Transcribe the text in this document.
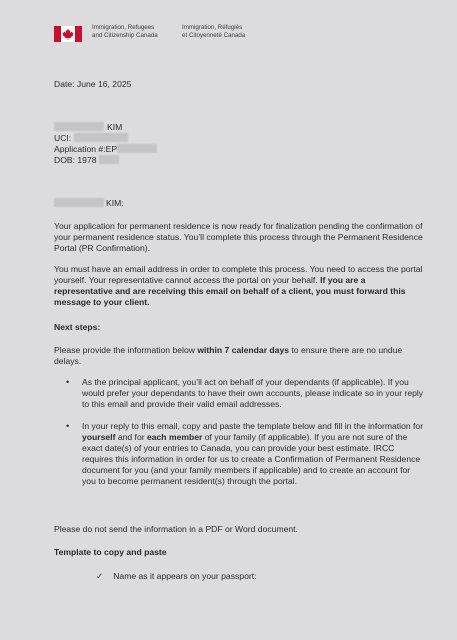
Immigration, Refugees
and Citizenship Canada
Immigration, Réfugiés
et Citoyenneté Canada

Date: June 16, 2025

KIM

UCI:

Application #:EP

DOB: 1978

KIM:

Your application for permanent residence is now ready for finalization pending the confirmation of your permanent residence status. You’ll complete this process through the Permanent Residence Portal (PR Confirmation).

You must have an email address in order to complete this process. You need to access the portal yourself. Your representative cannot access the portal on your behalf. If you are a representative and are receiving this email on behalf of a client, you must forward this message to your client.

Next steps:

Please provide the information below within 7 calendar days to ensure there are no undue delays.

• As the principal applicant, you’ll act on behalf of your dependants (if applicable). If you would prefer your dependants to have their own accounts, please indicate so in your reply to this email and provide their valid email addresses.
• In your reply to this email, copy and paste the template below and fill in the information for yourself and for each member of your family (if applicable). If you are not sure of the exact date(s) of your entries to Canada, you can provide your best estimate. IRCC requires this information in order for us to create a Confirmation of Permanent Residence document for you (and your family members if applicable) and to create an account for you to become permanent resident(s) through the portal.

Please do not send the information in a PDF or Word document.

Template to copy and paste

✓ Name as it appears on your passport:
